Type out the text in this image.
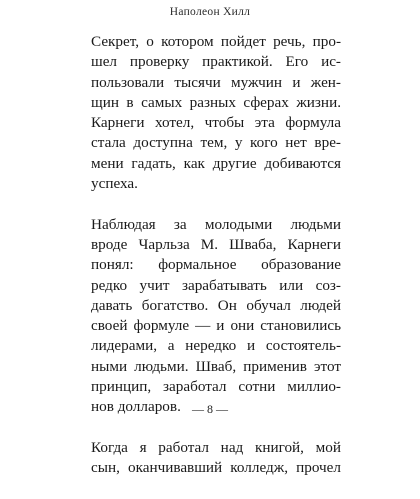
Наполеон Хилл

Секрет, о котором пойдет речь, про-
шел проверку практикой. Его ис-
пользовали тысячи мужчин и жен-
щин в самых разных сферах жизни.
Карнеги хотел, чтобы эта формула
стала доступна тем, у кого нет вре-
мени гадать, как другие добиваются
успеха.

Наблюдая за молодыми людьми
вроде Чарльза М. Шваба, Карнеги
понял: формальное образование
редко учит зарабатывать или соз-
давать богатство. Он обучал людей
своей формуле — и они становились
лидерами, а нередко и состоятель-
ными людьми. Шваб, применив этот
принцип, заработал сотни миллио-
нов долларов.

Когда я работал над книгой, мой
сын, оканчивавший колледж, прочел

— 8 —
